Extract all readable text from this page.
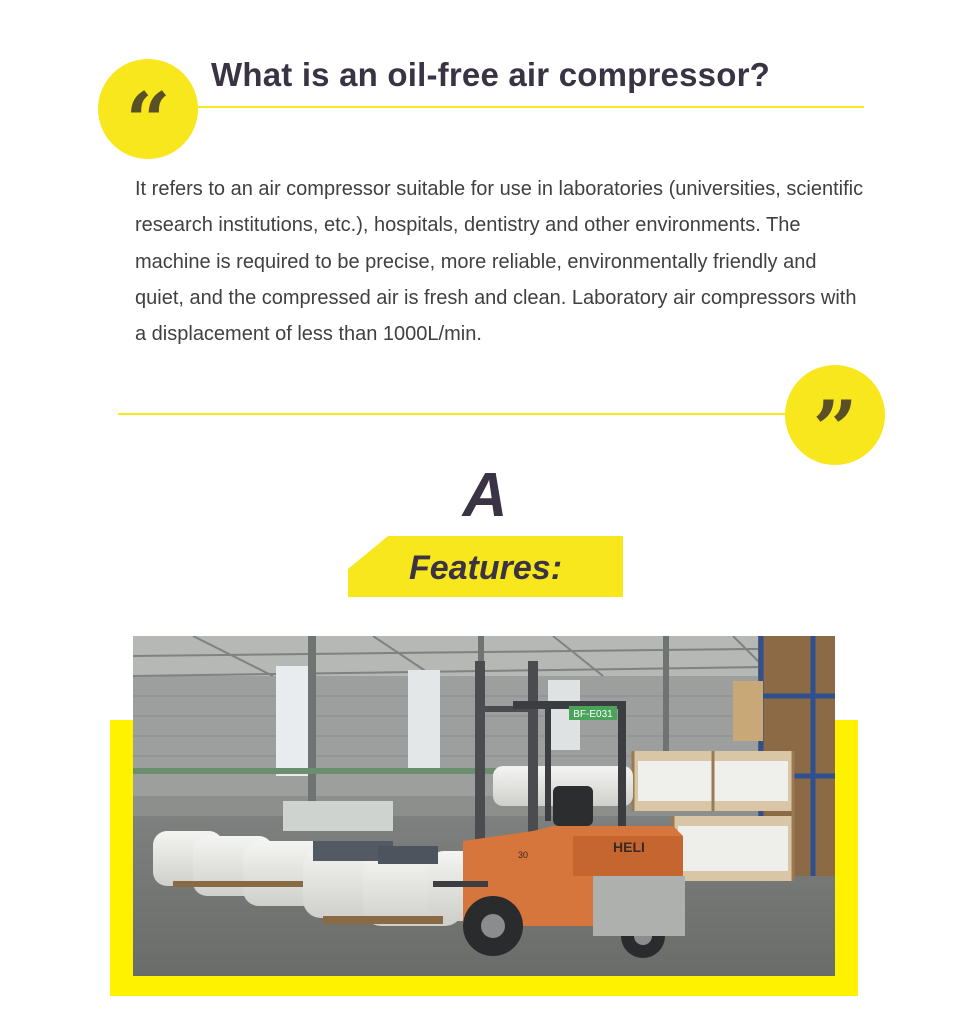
“
What is an oil-free air compressor?

It refers to an air compressor suitable for use in laboratories (universities, scientific research institutions, etc.), hospitals, dentistry and other environments. The machine is required to be precise, more reliable, environmentally friendly and quiet, and the compressed air is fresh and clean. Laboratory air compressors with a displacement of less than 1000L/min.

”
A
Features:
BF-E031
HELI
30
